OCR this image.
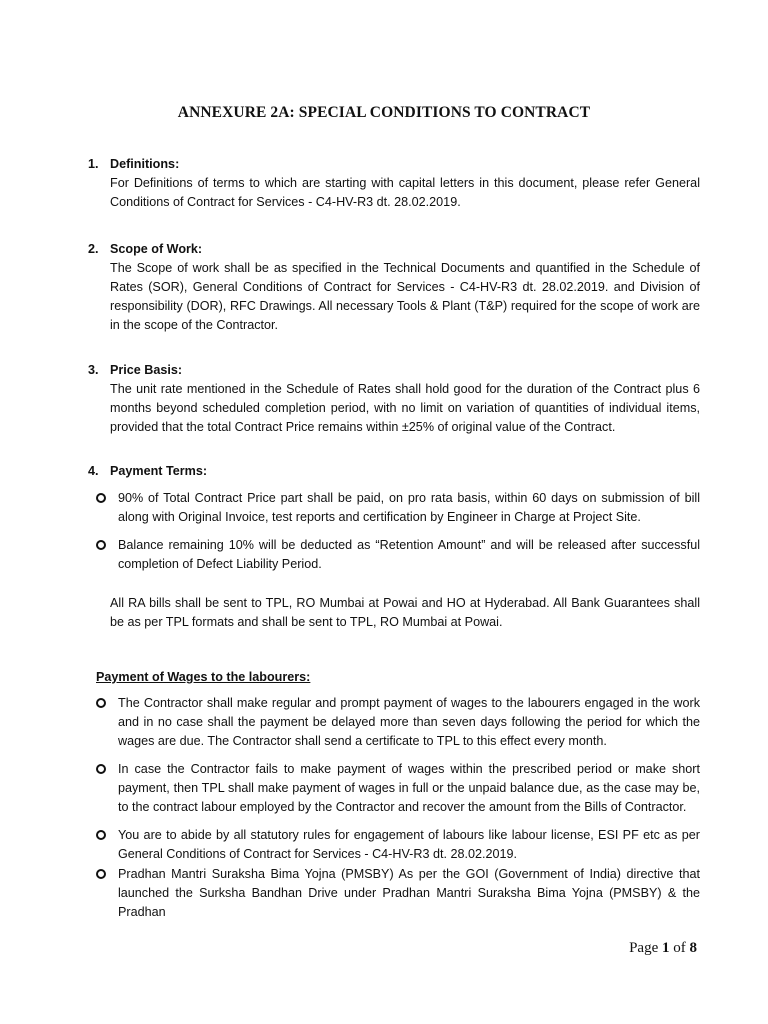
ANNEXURE 2A: SPECIAL CONDITIONS TO CONTRACT
1. Definitions:
For Definitions of terms to which are starting with capital letters in this document, please refer General Conditions of Contract for Services - C4-HV-R3 dt. 28.02.2019.
2. Scope of Work:
The Scope of work shall be as specified in the Technical Documents and quantified in the Schedule of Rates (SOR), General Conditions of Contract for Services - C4-HV-R3 dt. 28.02.2019. and Division of responsibility (DOR), RFC Drawings. All necessary Tools & Plant (T&P) required for the scope of work are in the scope of the Contractor.
3. Price Basis:
The unit rate mentioned in the Schedule of Rates shall hold good for the duration of the Contract plus 6 months beyond scheduled completion period, with no limit on variation of quantities of individual items, provided that the total Contract Price remains within ±25% of original value of the Contract.
4. Payment Terms:
90% of Total Contract Price part shall be paid, on pro rata basis, within 60 days on submission of bill along with Original Invoice, test reports and certification by Engineer in Charge at Project Site.
Balance remaining 10% will be deducted as “Retention Amount” and will be released after successful completion of Defect Liability Period.
All RA bills shall be sent to TPL, RO Mumbai at Powai and HO at Hyderabad. All Bank Guarantees shall be as per TPL formats and shall be sent to TPL, RO Mumbai at Powai.
Payment of Wages to the labourers:
The Contractor shall make regular and prompt payment of wages to the labourers engaged in the work and in no case shall the payment be delayed more than seven days following the period for which the wages are due. The Contractor shall send a certificate to TPL to this effect every month.
In case the Contractor fails to make payment of wages within the prescribed period or make short payment, then TPL shall make payment of wages in full or the unpaid balance due, as the case may be, to the contract labour employed by the Contractor and recover the amount from the Bills of Contractor.
You are to abide by all statutory rules for engagement of labours like labour license, ESI PF etc as per General Conditions of Contract for Services - C4-HV-R3 dt. 28.02.2019.
Pradhan Mantri Suraksha Bima Yojna (PMSBY) As per the GOI (Government of India) directive that launched the Surksha Bandhan Drive under Pradhan Mantri Suraksha Bima Yojna (PMSBY) & the Pradhan
Page 1 of 8
